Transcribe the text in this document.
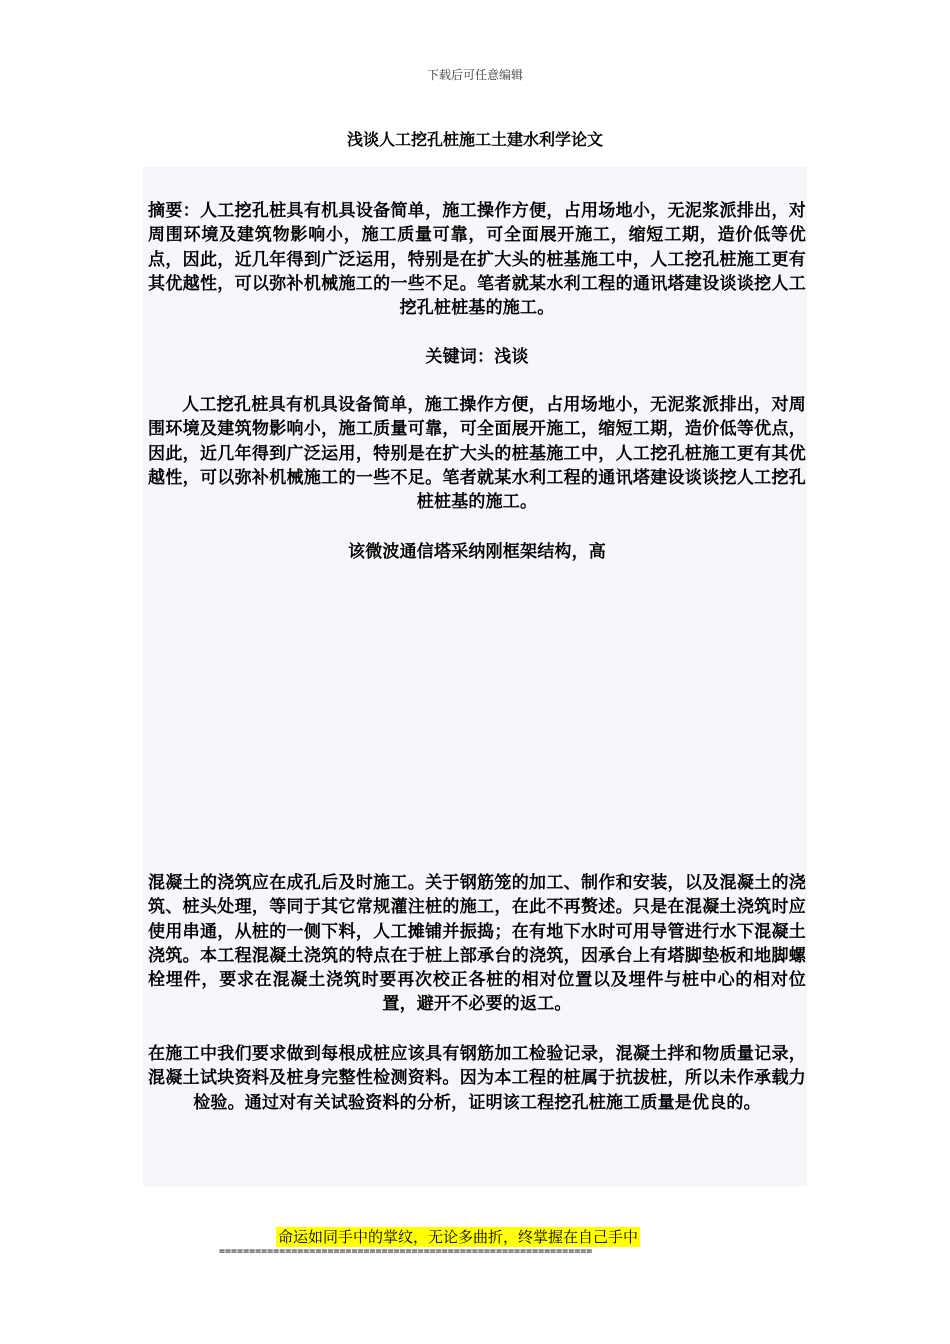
下载后可任意编辑
浅谈人工挖孔桩施工土建水利学论文
摘要：人工挖孔桩具有机具设备简单，施工操作方便，占用场地小，无泥浆派排出，对周围环境及建筑物影响小，施工质量可靠，可全面展开施工，缩短工期，造价低等优点，因此，近几年得到广泛运用，特别是在扩大头的桩基施工中，人工挖孔桩施工更有其优越性，可以弥补机械施工的一些不足。笔者就某水利工程的通讯塔建设谈谈挖人工挖孔桩桩基的施工。
关键词：浅谈
人工挖孔桩具有机具设备简单，施工操作方便，占用场地小，无泥浆派排出，对周围环境及建筑物影响小，施工质量可靠，可全面展开施工，缩短工期，造价低等优点，因此，近几年得到广泛运用，特别是在扩大头的桩基施工中，人工挖孔桩施工更有其优越性，可以弥补机械施工的一些不足。笔者就某水利工程的通讯塔建设谈谈挖人工挖孔桩桩基的施工。
该微波通信塔采纳刚框架结构，高
混凝土的浇筑应在成孔后及时施工。关于钢筋笼的加工、制作和安装，以及混凝土的浇筑、桩头处理，等同于其它常规灌注桩的施工，在此不再赘述。只是在混凝土浇筑时应使用串通，从桩的一侧下料，人工摊铺并振捣；在有地下水时可用导管进行水下混凝土浇筑。本工程混凝土浇筑的特点在于桩上部承台的浇筑，因承台上有塔脚垫板和地脚螺栓埋件，要求在混凝土浇筑时要再次校正各桩的相对位置以及埋件与桩中心的相对位置，避开不必要的返工。
在施工中我们要求做到每根成桩应该具有钢筋加工检验记录，混凝土拌和物质量记录，混凝土试块资料及桩身完整性检测资料。因为本工程的桩属于抗拔桩，所以未作承载力检验。通过对有关试验资料的分析，证明该工程挖孔桩施工质量是优良的。
命运如同手中的掌纹，无论多曲折，终掌握在自己手中
==============================================================
